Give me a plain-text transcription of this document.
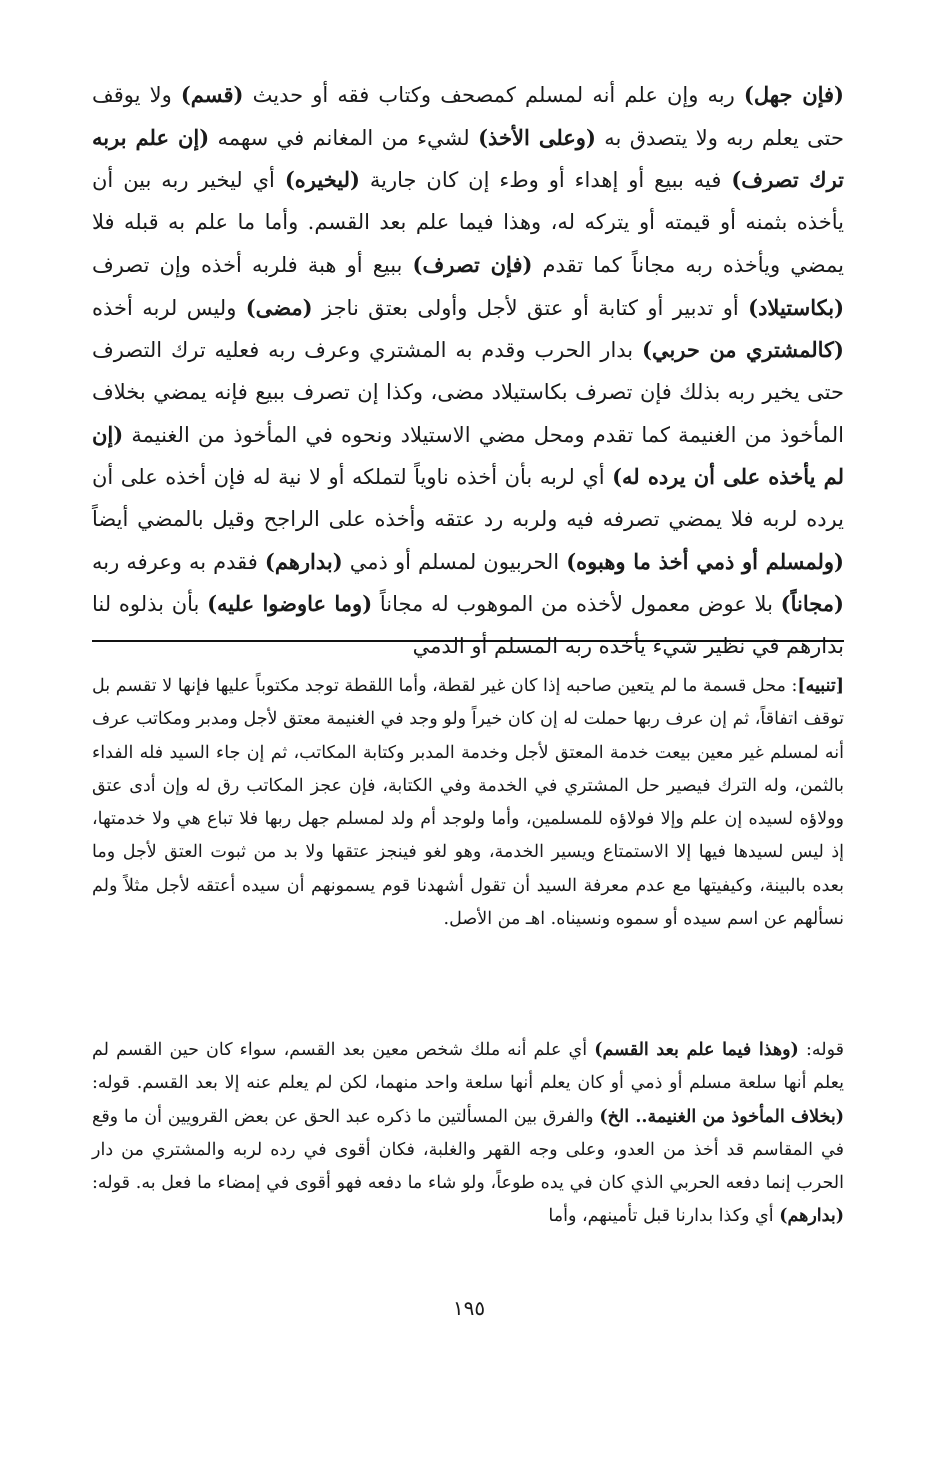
(فإن جهل) ربه وإن علم أنه لمسلم كمصحف وكتاب فقه أو حديث (قسم) ولا يوقف حتى يعلم ربه ولا يتصدق به (وعلى الأخذ) لشيء من المغانم في سهمه (إن علم بربه ترك تصرف) فيه ببيع أو إهداء أو وطء إن كان جارية (ليخيره) أي ليخير ربه بين أن يأخذه بثمنه أو قيمته أو يتركه له، وهذا فيما علم بعد القسم. وأما ما علم به قبله فلا يمضي ويأخذه ربه مجاناً كما تقدم (فإن تصرف) ببيع أو هبة فلربه أخذه وإن تصرف (بكاستيلاد) أو تدبير أو كتابة أو عتق لأجل وأولى بعتق ناجز (مضى) وليس لربه أخذه (كالمشتري من حربي) بدار الحرب وقدم به المشتري وعرف ربه فعليه ترك التصرف حتى يخير ربه بذلك فإن تصرف بكاستيلاد مضى، وكذا إن تصرف ببيع فإنه يمضي بخلاف المأخوذ من الغنيمة كما تقدم ومحل مضي الاستيلاد ونحوه في المأخوذ من الغنيمة (إن لم يأخذه على أن يرده له) أي لربه بأن أخذه ناوياً لتملكه أو لا نية له فإن أخذه على أن يرده لربه فلا يمضي تصرفه فيه ولربه رد عتقه وأخذه على الراجح وقيل بالمضي أيضاً (ولمسلم أو ذمي أخذ ما وهبوه) الحربيون لمسلم أو ذمي (بدارهم) فقدم به وعرفه ربه (مجاناً) بلا عوض معمول لأخذه من الموهوب له مجاناً (وما عاوضوا عليه) بأن بذلوه لنا بدارهم في نظير شيء يأخذه ربه المسلم أو الذمي

[تنبيه]: محل قسمة ما لم يتعين صاحبه إذا كان غير لقطة، وأما اللقطة توجد مكتوباً عليها فإنها لا تقسم بل توقف اتفاقاً، ثم إن عرف ربها حملت له إن كان خيراً ولو وجد في الغنيمة معتق لأجل ومدبر ومكاتب عرف أنه لمسلم غير معين بيعت خدمة المعتق لأجل وخدمة المدبر وكتابة المكاتب، ثم إن جاء السيد فله الفداء بالثمن، وله الترك فيصير حل المشتري في الخدمة وفي الكتابة، فإن عجز المكاتب رق له وإن أدى عتق وولاؤه لسيده إن علم وإلا فولاؤه للمسلمين، وأما ولوجد أم ولد لمسلم جهل ربها فلا تباع هي ولا خدمتها، إذ ليس لسيدها فيها إلا الاستمتاع ويسير الخدمة، وهو لغو فينجز عتقها ولا بد من ثبوت العتق لأجل وما بعده بالبينة، وكيفيتها مع عدم معرفة السيد أن تقول أشهدنا قوم يسمونهم أن سيده أعتقه لأجل مثلاً ولم نسألهم عن اسم سيده أو سموه ونسيناه. اهـ من الأصل.

قوله: (وهذا فيما علم بعد القسم) أي علم أنه ملك شخص معين بعد القسم، سواء كان حين القسم لم يعلم أنها سلعة مسلم أو ذمي أو كان يعلم أنها سلعة واحد منهما، لكن لم يعلم عنه إلا بعد القسم. قوله: (بخلاف المأخوذ من الغنيمة.. الخ) والفرق بين المسألتين ما ذكره عبد الحق عن بعض القرويين أن ما وقع في المقاسم قد أخذ من العدو، وعلى وجه القهر والغلبة، فكان أقوى في رده لربه والمشتري من دار الحرب إنما دفعه الحربي الذي كان في يده طوعاً، ولو شاء ما دفعه فهو أقوى في إمضاء ما فعل به. قوله: (بدارهم) أي وكذا بدارنا قبل تأمينهم، وأما

١٩٥
